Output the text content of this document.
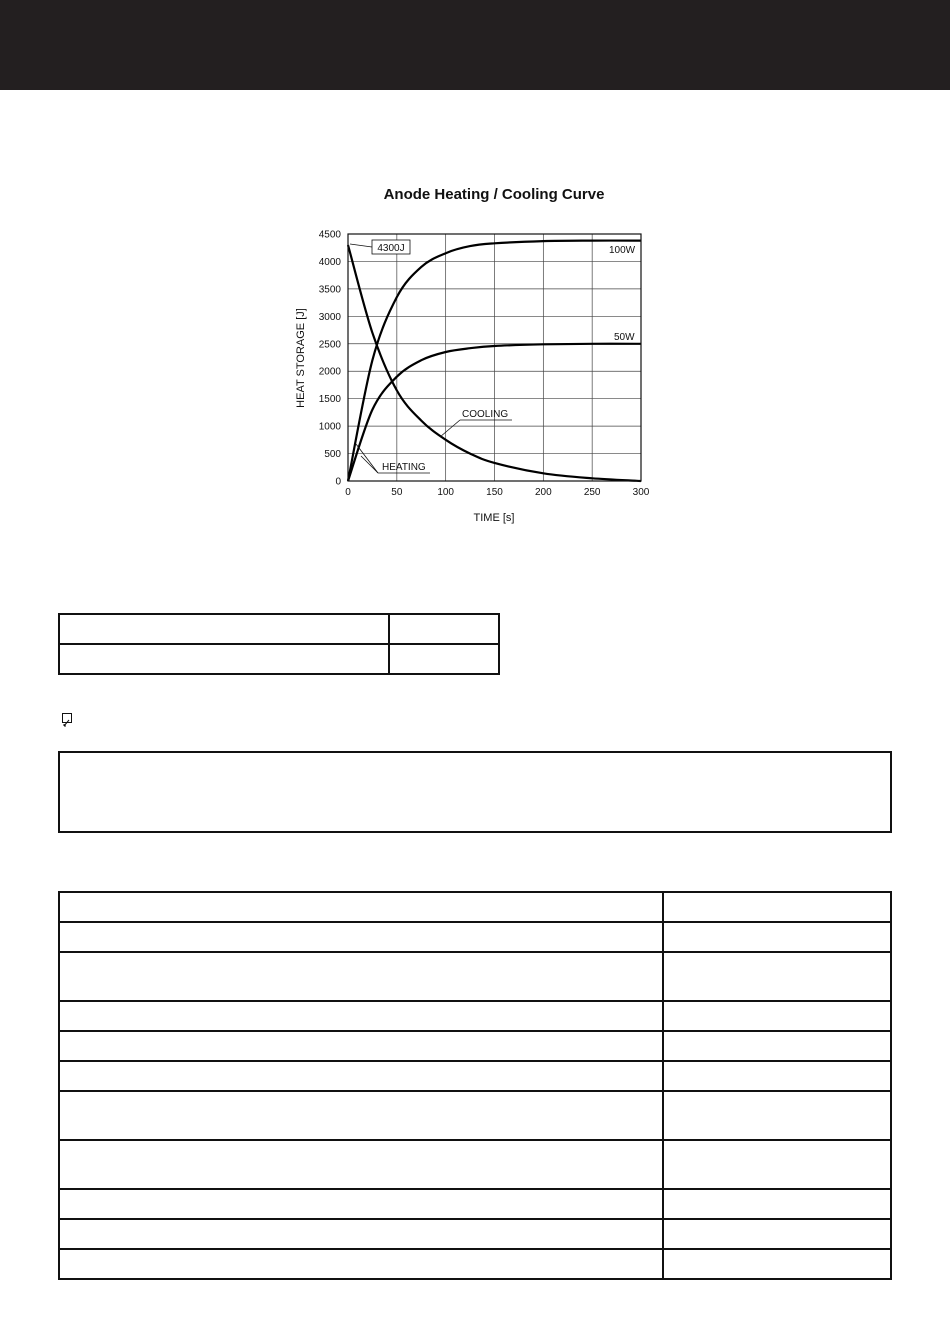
Anode Heating / Cooling Curve
0	50	100	150	200	250	300
0
500
1000
1500
2000
2500
3000
3500
4000
4500
TIME [s]
HEAT STORAGE [J]
4300J	100W
50W
COOLING
HEATING
